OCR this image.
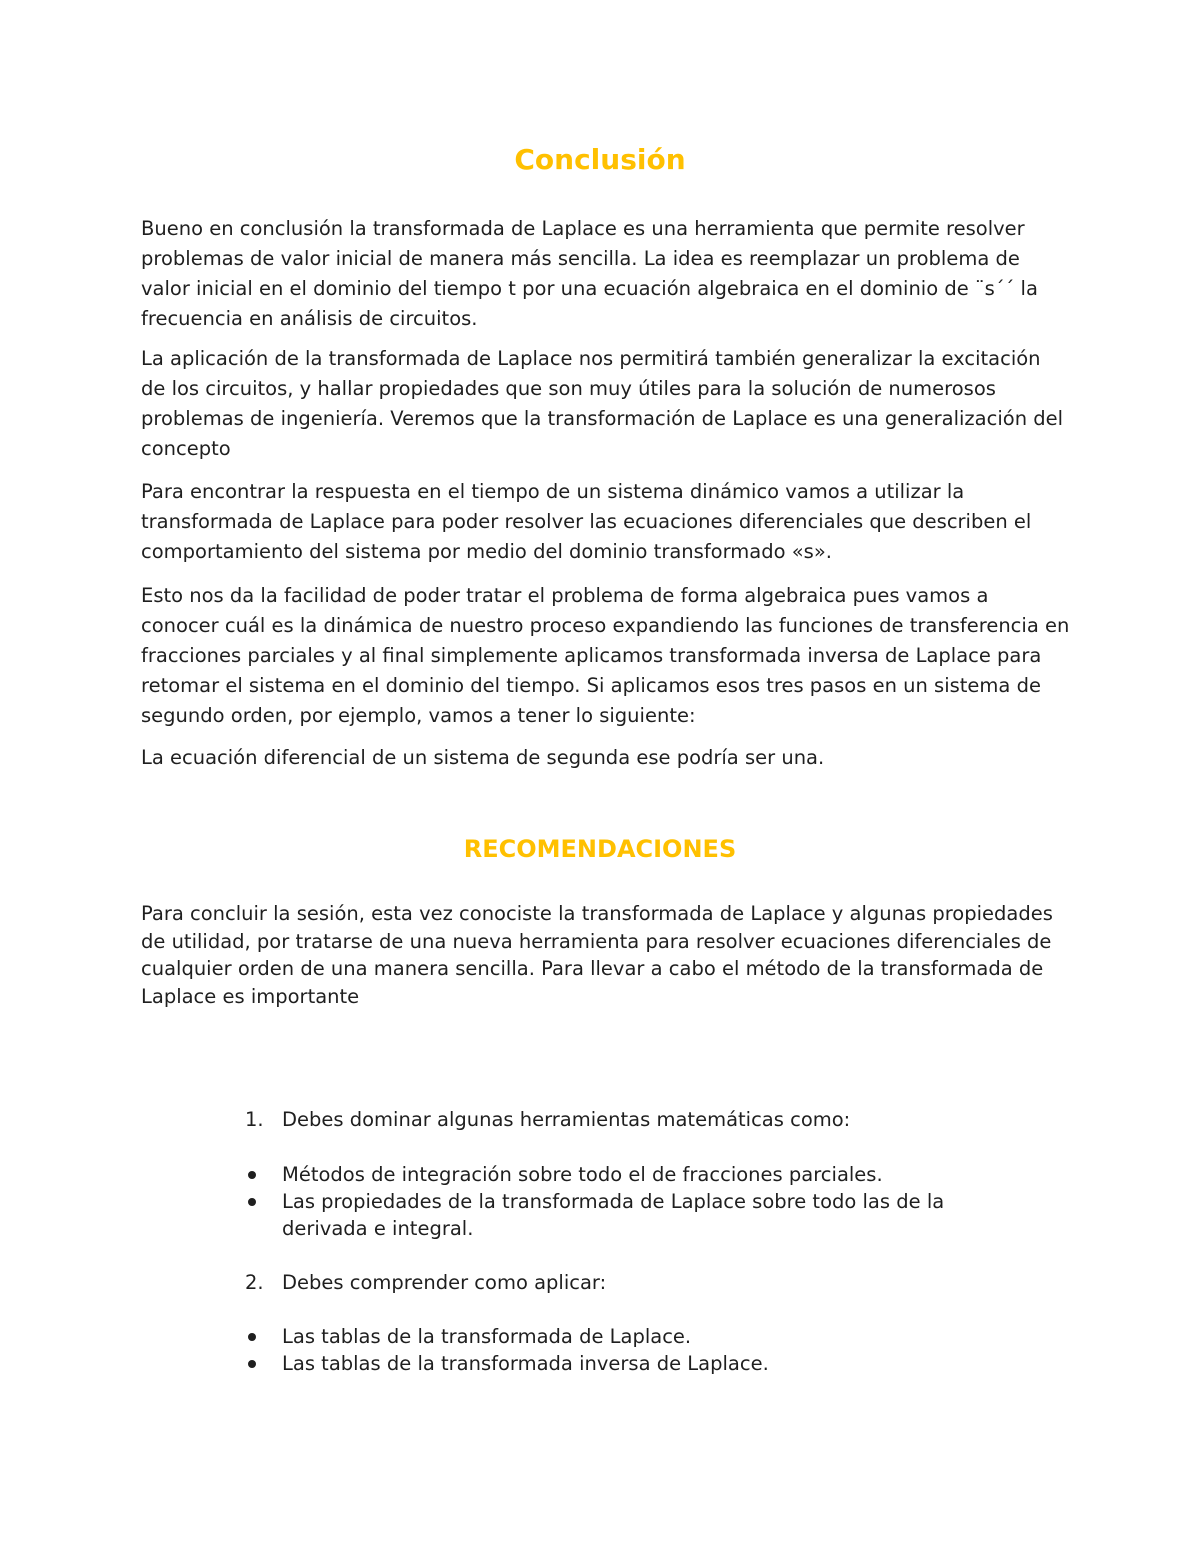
Conclusión

Bueno en conclusión la transformada de Laplace es una herramienta que permite resolver problemas de valor inicial de manera más sencilla. La idea es reemplazar un problema de valor inicial en el dominio del tiempo t por una ecuación algebraica en el dominio de ¨s´´ la frecuencia en análisis de circuitos.

La aplicación de la transformada de Laplace nos permitirá también generalizar la excitación de los circuitos, y hallar propiedades que son muy útiles para la solución de numerosos problemas de ingeniería. Veremos que la transformación de Laplace es una generalización del concepto

Para encontrar la respuesta en el tiempo de un sistema dinámico vamos a utilizar la transformada de Laplace para poder resolver las ecuaciones diferenciales que describen el comportamiento del sistema por medio del dominio transformado «s».

Esto nos da la facilidad de poder tratar el problema de forma algebraica pues vamos a conocer cuál es la dinámica de nuestro proceso expandiendo las funciones de transferencia en fracciones parciales y al final simplemente aplicamos transformada inversa de Laplace para retomar el sistema en el dominio del tiempo. Si aplicamos esos tres pasos en un sistema de segundo orden, por ejemplo, vamos a tener lo siguiente:

La ecuación diferencial de un sistema de segunda ese podría ser una.

RECOMENDACIONES

Para concluir la sesión, esta vez conociste la transformada de Laplace y algunas propiedades de utilidad, por tratarse de una nueva herramienta para resolver ecuaciones diferenciales de cualquier orden de una manera sencilla. Para llevar a cabo el método de la transformada de Laplace es importante

1. Debes dominar algunas herramientas matemáticas como:
Métodos de integración sobre todo el de fracciones parciales.
Las propiedades de la transformada de Laplace sobre todo las de la derivada e integral.
2. Debes comprender como aplicar:
Las tablas de la transformada de Laplace.
Las tablas de la transformada inversa de Laplace.
